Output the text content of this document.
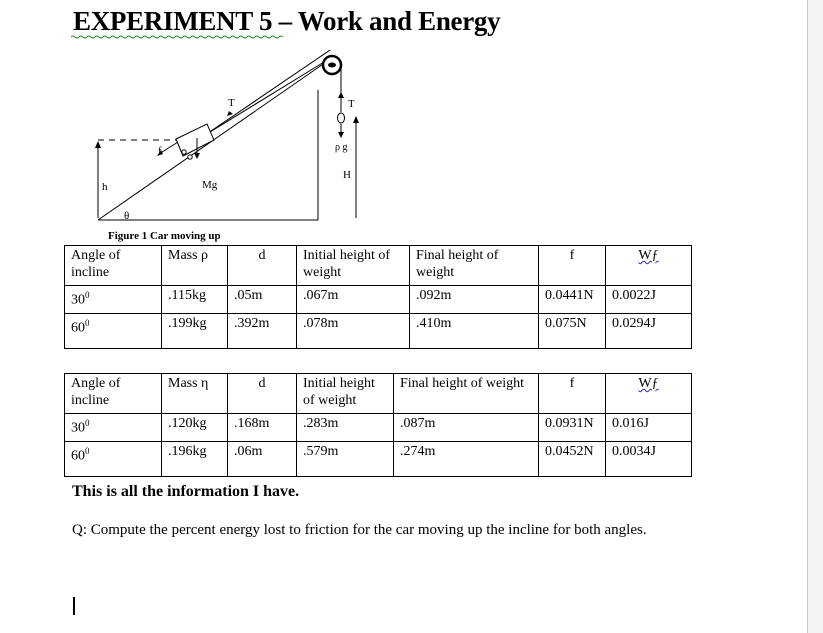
EXPERIMENT 5 – Work and Energy
T
f
Mg
h
θ
T
ρ g
H
Figure 1 Car moving up
Angle of incline	Mass ρ	d	Initial height of weight	Final height of weight	f	Wƒ
$30^0$	.115kg	.05m	.067m	.092m	0.0441N	0.0022J
$60^0$	.199kg	.392m	.078m	.410m	0.075N	0.0294J
Angle of incline	Mass η	d	Initial height of weight	Final height of weight	f	Wƒ
$30^0$	.120kg	.168m	.283m	.087m	0.0931N	0.016J
$60^0$	.196kg	.06m	.579m	.274m	0.0452N	0.0034J
This is all the information I have.
Q: Compute the percent energy lost to friction for the car moving up the incline for both angles.
